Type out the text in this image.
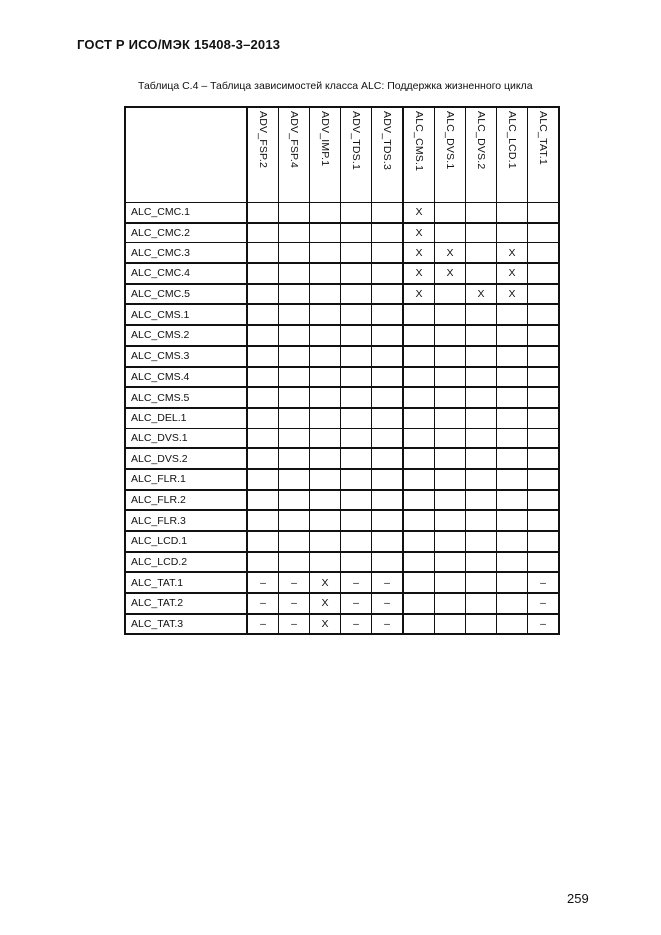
ГОСТ Р ИСО/МЭК 15408-3–2013
Таблица С.4 – Таблица зависимостей класса ALC: Поддержка жизненного цикла
	ADV_FSP.2	ADV_FSP.4	ADV_IMP.1	ADV_TDS.1	ADV_TDS.3	ALC_CMS.1	ALC_DVS.1	ALC_DVS.2	ALC_LCD.1	ALC_TAT.1
ALC_CMC.1						X				
ALC_CMC.2						X				
ALC_CMC.3						X	X		X	
ALC_CMC.4						X	X		X	
ALC_CMC.5						X		X	X	
ALC_CMS.1										
ALC_CMS.2										
ALC_CMS.3										
ALC_CMS.4										
ALC_CMS.5										
ALC_DEL.1										
ALC_DVS.1										
ALC_DVS.2										
ALC_FLR.1										
ALC_FLR.2										
ALC_FLR.3										
ALC_LCD.1										
ALC_LCD.2										
ALC_TAT.1	–	–	X	–	–					–
ALC_TAT.2	–	–	X	–	–					–
ALC_TAT.3	–	–	X	–	–					–
259
